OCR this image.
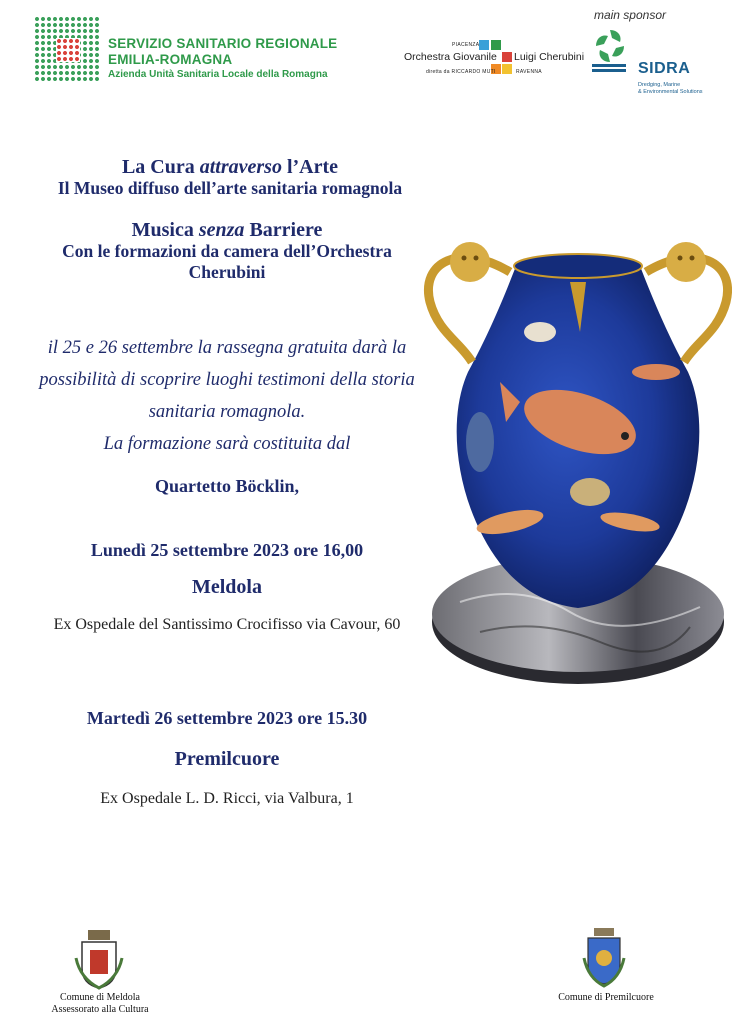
SERVIZIO SANITARIO REGIONALE
EMILIA-ROMAGNA
Azienda Unità Sanitaria Locale della Romagna
PIACENZA
Orchestra Giovanile Luigi Cherubini
diretta da RICCARDO MUTI	RAVENNA
main sponsor
SIDRA
Dredging, Marine
& Environmental Solutions
La Cura attraverso l’Arte
Il Museo diffuso dell’arte sanitaria romagnola
Musica senza Barriere
Con le formazioni da camera dell’Orchestra
Cherubini
il 25 e 26 settembre la rassegna gratuita darà la
possibilità di scoprire luoghi testimoni della storia
sanitaria romagnola.
La formazione sarà costituita dal
Quartetto Böcklin,
Lunedì 25 settembre 2023 ore 16,00
Meldola
Ex Ospedale del Santissimo Crocifisso via Cavour, 60
Martedì 26 settembre 2023 ore 15.30
Premilcuore
Ex Ospedale L. D. Ricci, via Valbura, 1
Comune di Meldola
Assessorato alla Cultura
Comune di Premilcuore
